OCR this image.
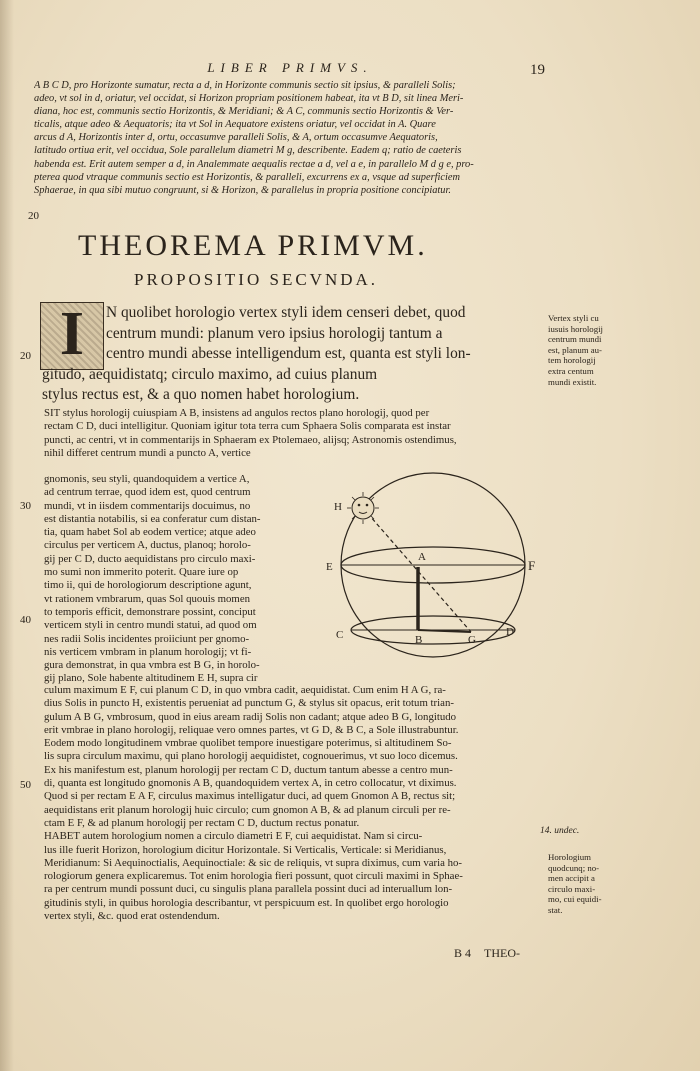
LIBER PRIMVS.	19
A B C D, pro Horizonte sumatur, recta a d, in Horizonte communis sectio sit ipsius, & paralleli Solis;
adeo, vt sol in d, oriatur, vel occidat, si Horizon propriam positionem habeat, ita vt B D, sit linea Meri-
diana, hoc est, communis sectio Horizontis, & Meridiani; & A C, communis sectio Horizontis & Ver-
ticalis, atque adeo & Aequatoris; ita vt Sol in Aequatore existens oriatur, vel occidat in A. Quare
arcus d A, Horizontis inter d, ortu, occasumve paralleli Solis, & A, ortum occasumve Aequatoris,
latitudo ortiua erit, vel occidua, Sole parallelum diametri M g, describente. Eadem q; ratio de caeteris
habenda est. Erit autem semper a d, in Analemmate aequalis rectae a d, vel a e, in parallelo M d g e, pro-
pterea quod vtraque communis sectio est Horizontis, & paralleli, excurrens ex a, vsque ad superficiem
Sphaerae, in qua sibi mutuo congruunt, si & Horizon, & parallelus in propria positione concipiatur.
20
THEOREMA PRIMVM.
PROPOSITIO SECVNDA.
I	N quolibet horologio vertex styli idem censeri debet, quod
centrum mundi: planum vero ipsius horologij tantum a
centro mundi abesse intelligendum est, quanta est styli lon-
gitudo, aequidistatq; circulo maximo, ad cuius planum
stylus rectus est, & a quo nomen habet horologium.
20
Vertex styli cu
iusuis horologij
centrum mundi
est, planum au-
tem horologij
extra centum
mundi existit.
SIT stylus horologij cuiuspiam A B, insistens ad angulos rectos plano horologij, quod per
rectam C D, duci intelligitur. Quoniam igitur tota terra cum Sphaera Solis comparata est instar
puncti, ac centri, vt in commentarijs in Sphaeram ex Ptolemaeo, alijsq; Astronomis ostendimus,
nihil differet centrum mundi a puncto A, vertice
gnomonis, seu styli, quandoquidem a vertice A,
ad centrum terrae, quod idem est, quod centrum
mundi, vt in iisdem commentarijs docuimus, no
est distantia notabilis, si ea conferatur cum distan-
tia, quam habet Sol ab eodem vertice; atque adeo
circulus per verticem A, ductus, planoq; horolo-
gij per C D, ducto aequidistans pro circulo maxi-
mo sumi non immerito poterit. Quare iure op
timo ii, qui de horologiorum descriptione agunt,
vt rationem vmbrarum, quas Sol quouis momen
to temporis efficit, demonstrare possint, conciput
verticem styli in centro mundi statui, ad quod om
nes radii Solis incidentes proiiciunt per gnomo-
nis verticem vmbram in planum horologij; vt fi-
gura demonstrat, in qua vmbra est B G, in horolo-
gij plano, Sole habente altitudinem E H, supra cir
30
40
H
E
A
F
C	B	G
D
culum maximum E F, cui planum C D, in quo vmbra cadit, aequidistat. Cum enim H A G, ra-
dius Solis in puncto H, existentis perueniat ad punctum G, & stylus sit opacus, erit totum trian-
gulum A B G, vmbrosum, quod in eius aream radij Solis non cadant; atque adeo B G, longitudo
erit vmbrae in plano horologij, reliquae vero omnes partes, vt G D, & B C, a Sole illustrabuntur.
Eodem modo longitudinem vmbrae quolibet tempore inuestigare poterimus, si altitudinem So-
lis supra circulum maximu, qui plano horologij aequidistet, cognouerimus, vt suo loco dicemus.
Ex his manifestum est, planum horologij per rectam C D, ductum tantum abesse a centro mun-
di, quanta est longitudo gnomonis A B, quandoquidem vertex A, in cetro collocatur, vt diximus.
Quod si per rectam E A F, circulus maximus intelligatur duci, ad quem Gnomon A B, rectus sit;
aequidistans erit planum horologij huic circulo; cum gnomon A B, & ad planum circuli per re-
ctam E F, & ad planum horologij per rectam C D, ductum rectus ponatur.
HABET autem horologium nomen a circulo diametri E F, cui aequidistat. Nam si circu-
lus ille fuerit Horizon, horologium dicitur Horizontale. Si Verticalis, Verticale: si Meridianus,
Meridianum: Si Aequinoctialis, Aequinoctiale: & sic de reliquis, vt supra diximus, cum varia ho-
rologiorum genera explicaremus. Tot enim horologia fieri possunt, quot circuli maximi in Sphae-
ra per centrum mundi possunt duci, cu singulis plana parallela possint duci ad interuallum lon-
gitudinis styli, in quibus horologia describantur, vt perspicuum est. In quolibet ergo horologio
vertex styli, &c. quod erat ostendendum.
50
14. undec.
Horologium
quodcunq; no-
men accipit a
circulo maxi-
mo, cui equidi-
stat.
B 4 THEO-
